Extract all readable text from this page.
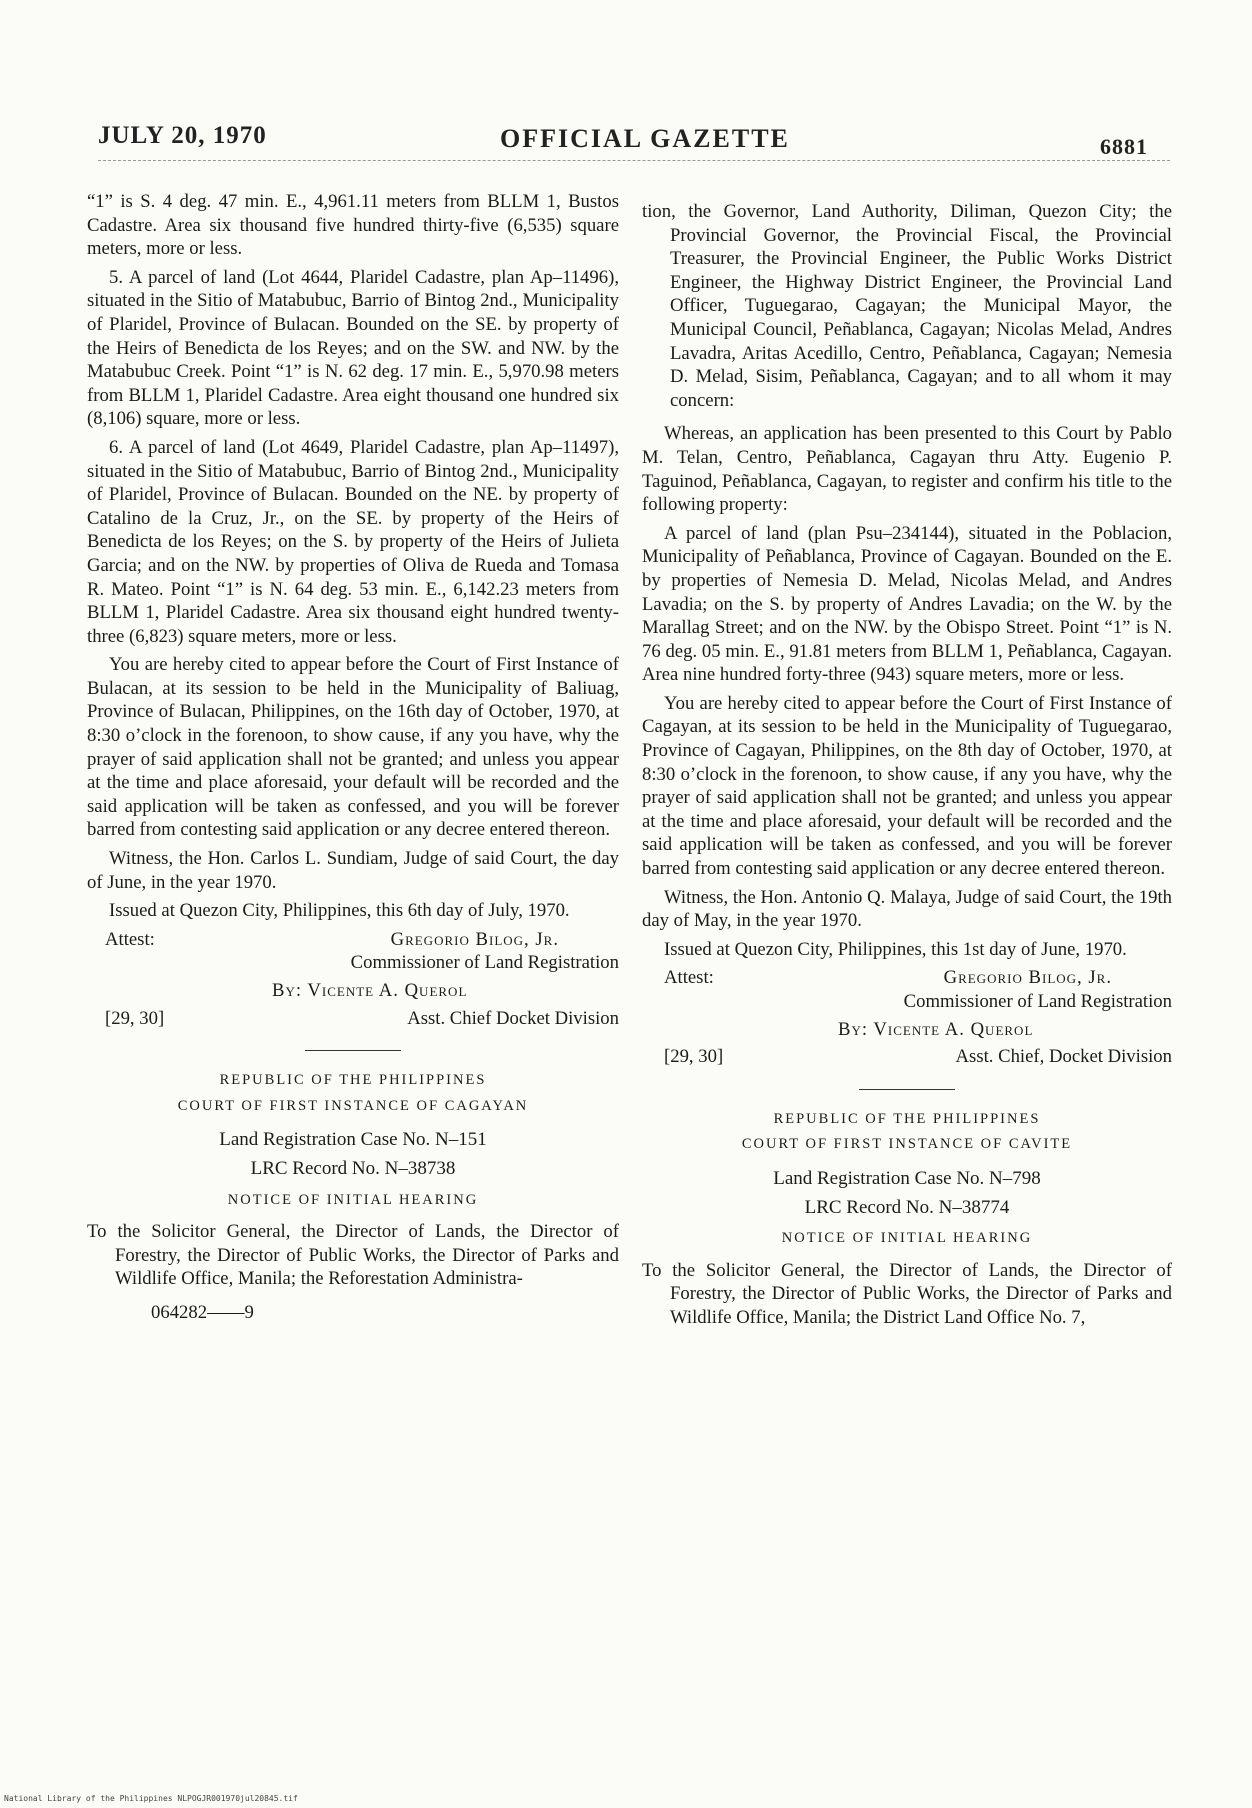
JULY 20, 1970	OFFICIAL GAZETTE	6881

“1” is S. 4 deg. 47 min. E., 4,961.11 meters from BLLM 1, Bustos Cadastre. Area six thousand five hundred thirty-five (6,535) square meters, more or less.

5. A parcel of land (Lot 4644, Plaridel Cadastre, plan Ap–11496), situated in the Sitio of Matabubuc, Barrio of Bintog 2nd., Municipality of Plaridel, Province of Bulacan. Bounded on the SE. by property of the Heirs of Benedicta de los Reyes; and on the SW. and NW. by the Matabubuc Creek. Point “1” is N. 62 deg. 17 min. E., 5,970.98 meters from BLLM 1, Plaridel Cadastre. Area eight thousand one hundred six (8,106) square, more or less.

6. A parcel of land (Lot 4649, Plaridel Cadastre, plan Ap–11497), situated in the Sitio of Matabubuc, Barrio of Bintog 2nd., Municipality of Plaridel, Province of Bulacan. Bounded on the NE. by property of Catalino de la Cruz, Jr., on the SE. by property of the Heirs of Benedicta de los Reyes; on the S. by property of the Heirs of Julieta Garcia; and on the NW. by properties of Oliva de Rueda and Tomasa R. Mateo. Point “1” is N. 64 deg. 53 min. E., 6,142.23 meters from BLLM 1, Plaridel Cadastre. Area six thousand eight hundred twenty-three (6,823) square meters, more or less.

You are hereby cited to appear before the Court of First Instance of Bulacan, at its session to be held in the Municipality of Baliuag, Province of Bulacan, Philippines, on the 16th day of October, 1970, at 8:30 o’clock in the forenoon, to show cause, if any you have, why the prayer of said application shall not be granted; and unless you appear at the time and place aforesaid, your default will be recorded and the said application will be taken as confessed, and you will be forever barred from contesting said application or any decree entered thereon.

Witness, the Hon. Carlos L. Sundiam, Judge of said Court, the day of June, in the year 1970.

Issued at Quezon City, Philippines, this 6th day of July, 1970.

Attest:	Gregorio Bilog, Jr.
Commissioner of Land Registration
By: Vicente A. Querol
[29, 30]	Asst. Chief Docket Division
REPUBLIC OF THE PHILIPPINES
COURT OF FIRST INSTANCE OF CAGAYAN

Land Registration Case No. N–151

LRC Record No. N–38738

NOTICE OF INITIAL HEARING

To the Solicitor General, the Director of Lands, the Director of Forestry, the Director of Public Works, the Director of Parks and Wildlife Office, Manila; the Reforestation Administra-

064282——9

tion, the Governor, Land Authority, Diliman, Quezon City; the Provincial Governor, the Provincial Fiscal, the Provincial Treasurer, the Provincial Engineer, the Public Works District Engineer, the Highway District Engineer, the Provincial Land Officer, Tuguegarao, Cagayan; the Municipal Mayor, the Municipal Council, Peñablanca, Cagayan; Nicolas Melad, Andres Lavadra, Aritas Acedillo, Centro, Peñablanca, Cagayan; Nemesia D. Melad, Sisim, Peñablanca, Cagayan; and to all whom it may concern:

Whereas, an application has been presented to this Court by Pablo M. Telan, Centro, Peñablanca, Cagayan thru Atty. Eugenio P. Taguinod, Peñablanca, Cagayan, to register and confirm his title to the following property:

A parcel of land (plan Psu–234144), situated in the Poblacion, Municipality of Peñablanca, Province of Cagayan. Bounded on the E. by properties of Nemesia D. Melad, Nicolas Melad, and Andres Lavadia; on the S. by property of Andres Lavadia; on the W. by the Marallag Street; and on the NW. by the Obispo Street. Point “1” is N. 76 deg. 05 min. E., 91.81 meters from BLLM 1, Peñablanca, Cagayan. Area nine hundred forty-three (943) square meters, more or less.

You are hereby cited to appear before the Court of First Instance of Cagayan, at its session to be held in the Municipality of Tuguegarao, Province of Cagayan, Philippines, on the 8th day of October, 1970, at 8:30 o’clock in the forenoon, to show cause, if any you have, why the prayer of said application shall not be granted; and unless you appear at the time and place aforesaid, your default will be recorded and the said application will be taken as confessed, and you will be forever barred from contesting said application or any decree entered thereon.

Witness, the Hon. Antonio Q. Malaya, Judge of said Court, the 19th day of May, in the year 1970.

Issued at Quezon City, Philippines, this 1st day of June, 1970.

Attest:	Gregorio Bilog, Jr.
Commissioner of Land Registration
By: Vicente A. Querol
[29, 30]	Asst. Chief, Docket Division
REPUBLIC OF THE PHILIPPINES
COURT OF FIRST INSTANCE OF CAVITE

Land Registration Case No. N–798

LRC Record No. N–38774

NOTICE OF INITIAL HEARING

To the Solicitor General, the Director of Lands, the Director of Forestry, the Director of Public Works, the Director of Parks and Wildlife Office, Manila; the District Land Office No. 7,

National Library of the Philippines NLPOGJR001970jul20845.tif
